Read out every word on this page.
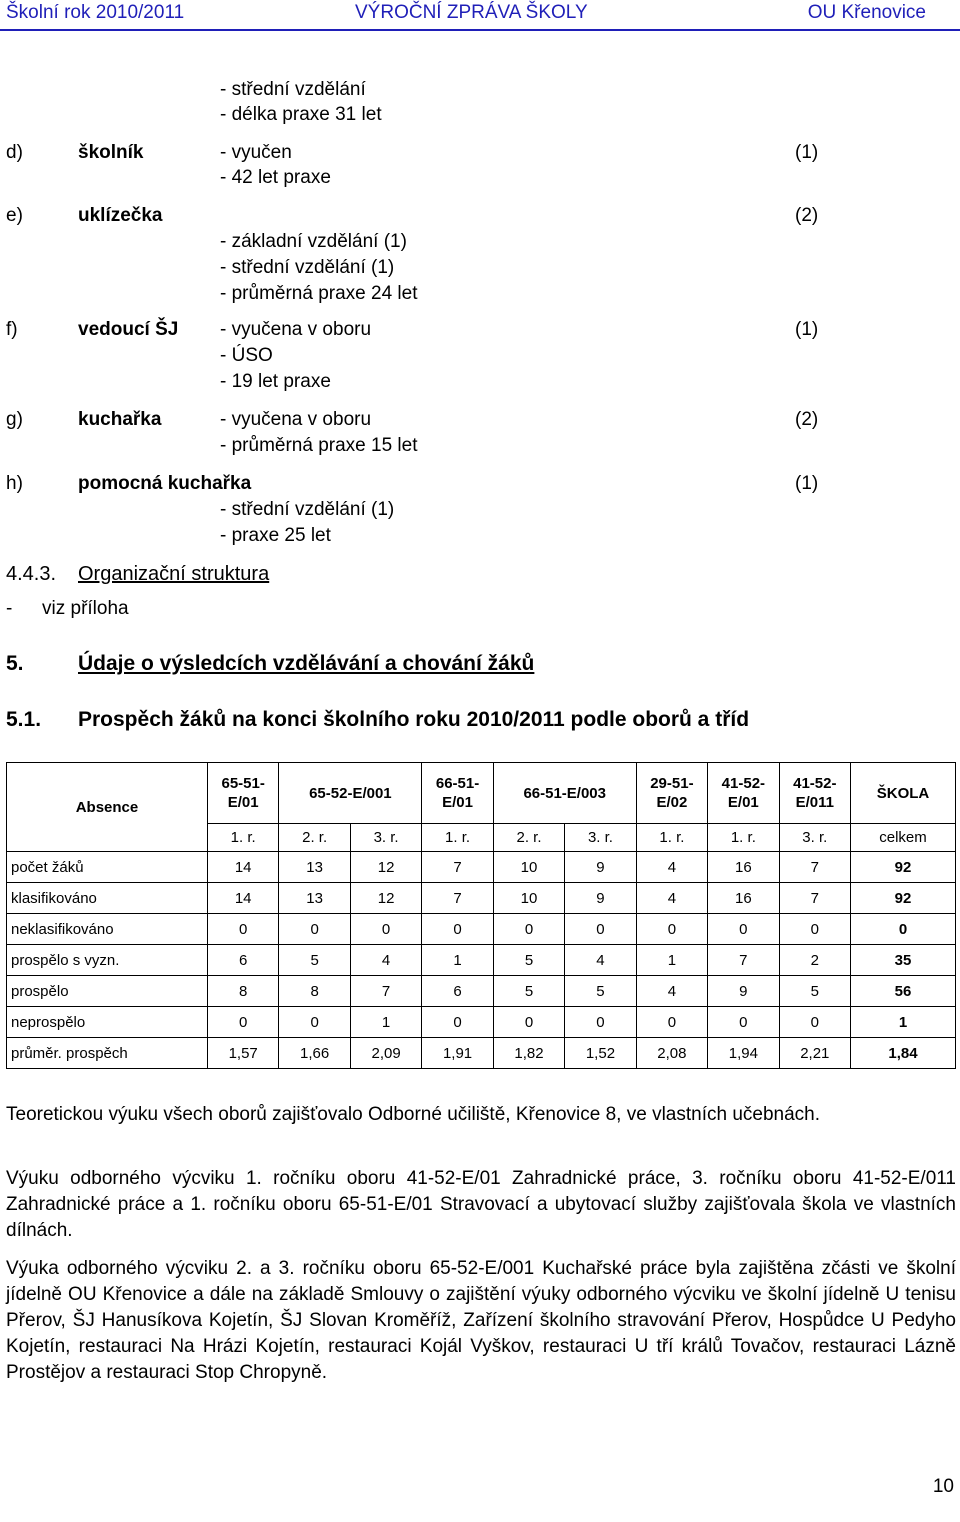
Školní rok 2010/2011	VÝROČNÍ ZPRÁVA ŠKOLY	OU Křenovice
- střední vzdělání
- délka praxe 31 let
d)	školník	(1)
- vyučen
- 42 let praxe
e)	uklízečka	(2)
- základní vzdělání (1)
- střední vzdělání (1)
- průměrná praxe 24 let
f)	vedoucí ŠJ	(1)
- vyučena v oboru
- ÚSO
- 19 let praxe
g)	kuchařka	(2)
- vyučena v oboru
- průměrná praxe 15 let
h)	pomocná kuchařka	(1)
- střední vzdělání (1)
- praxe 25 let
4.4.3. Organizační struktura
- viz příloha
5.	Údaje o výsledcích vzdělávání a chování žáků
5.1. Prospěch žáků na konci školního roku 2010/2011 podle oborů a tříd
Absence	65-51-E/01	65-52-E/001		66-51-E/01	66-51-E/003		29-51-E/02	41-52-E/01	41-52-E/011	ŠKOLA
	1. r.	2. r.	3. r.	1. r.	2. r.	3. r.	1. r.	1. r.	3. r.	celkem
počet žáků	14	13	12	7	10	9	4	16	7	92
klasifikováno	14	13	12	7	10	9	4	16	7	92
neklasifikováno	0	0	0	0	0	0	0	0	0	0
prospělo s vyzn.	6	5	4	1	5	4	1	7	2	35
prospělo	8	8	7	6	5	5	4	9	5	56
neprospělo	0	0	1	0	0	0	0	0	0	1
průměr. prospěch	1,57	1,66	2,09	1,91	1,82	1,52	2,08	1,94	2,21	1,84
Teoretickou výuku všech oborů zajišťovalo Odborné učiliště, Křenovice 8, ve vlastních učebnách.
Výuku odborného výcviku 1. ročníku oboru 41-52-E/01 Zahradnické práce, 3. ročníku oboru 41-52-E/011 Zahradnické práce a 1. ročníku oboru 65-51-E/01 Stravovací a ubytovací služby zajišťovala škola ve vlastních dílnách.
Výuka odborného výcviku 2. a 3. ročníku oboru 65-52-E/001 Kuchařské práce byla zajištěna zčásti ve školní jídelně OU Křenovice a dále na základě Smlouvy o zajištění výuky odborného výcviku ve školní jídelně U tenisu Přerov, ŠJ Hanusíkova Kojetín, ŠJ Slovan Kroměříž, Zařízení školního stravování Přerov, Hospůdce U Pedyho Kojetín, restauraci Na Hrázi Kojetín, restauraci Kojál Vyškov, restauraci U tří králů Tovačov, restauraci Lázně Prostějov a restauraci Stop Chropyně.
10
